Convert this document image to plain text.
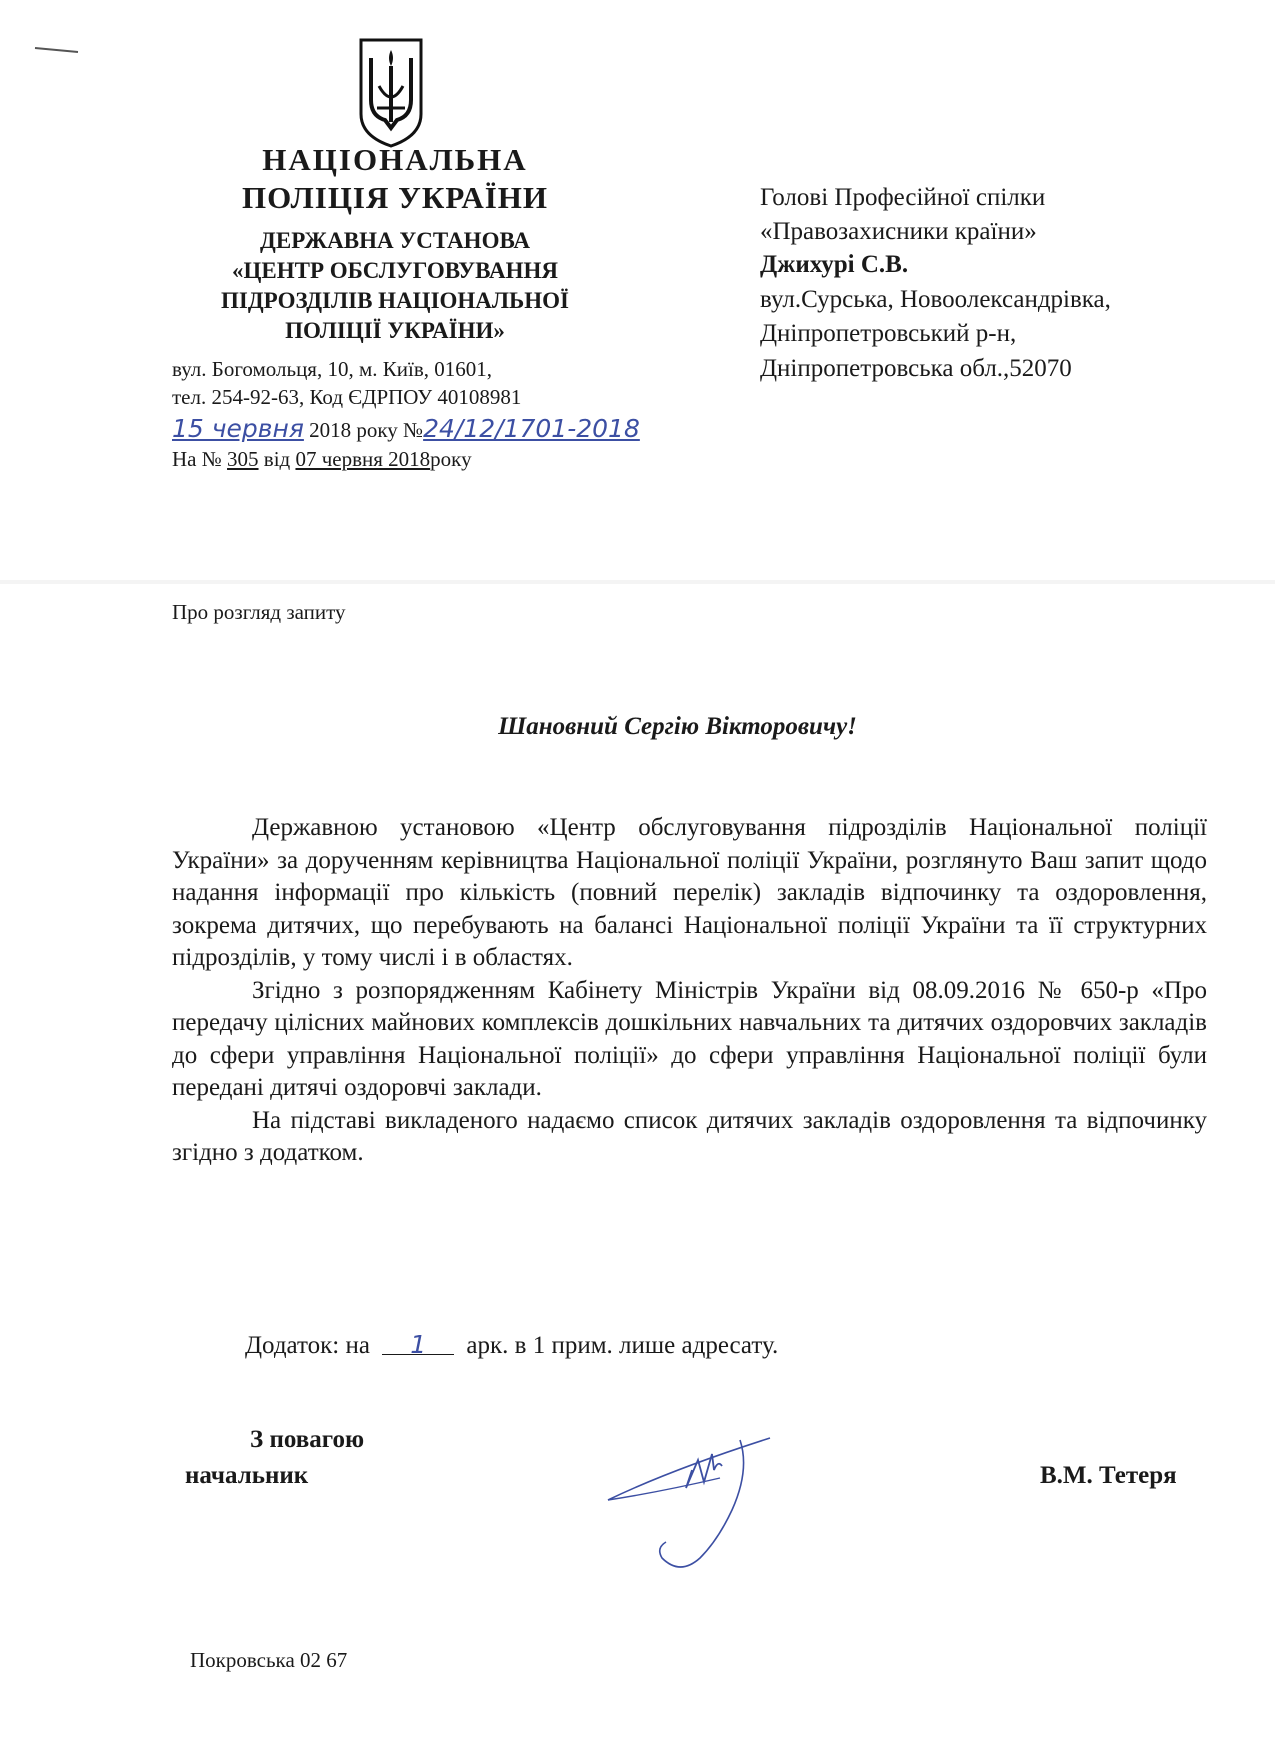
НАЦІОНАЛЬНА
ПОЛІЦІЯ УКРАЇНИ
ДЕРЖАВНА УСТАНОВА
«ЦЕНТР ОБСЛУГОВУВАННЯ
ПІДРОЗДІЛІВ НАЦІОНАЛЬНОЇ
ПОЛІЦІЇ УКРАЇНИ»
вул. Богомольця, 10, м. Київ, 01601,
тел. 254-92-63, Код ЄДРПОУ 40108981
15 червня 2018 року №24/12/1701-2018
На № 305 від 07 червня 2018року
Голові Професійної спілки
«Правозахисники країни»
Джихурі С.В.
вул.Сурська, Новоолександрівка,
Дніпропетровський р-н,
Дніпропетровська обл.,52070
Про розгляд запиту
Шановний Сергію Вікторовичу!

Державною установою «Центр обслуговування підрозділів Національної поліції України» за дорученням керівництва Національної поліції України, розглянуто Ваш запит щодо надання інформації про кількість (повний перелік) закладів відпочинку та оздоровлення, зокрема дитячих, що перебувають на балансі Національної поліції України та її структурних підрозділів, у тому числі і в областях.

Згідно з розпорядженням Кабінету Міністрів України від 08.09.2016 № 650-р «Про передачу цілісних майнових комплексів дошкільних навчальних та дитячих оздоровчих закладів до сфери управління Національної поліції» до сфери управління Національної поліції були передані дитячі оздоровчі заклади.

На підставі викладеного надаємо список дитячих закладів оздоровлення та відпочинку згідно з додатком.

Додаток: на 1 арк. в 1 прим. лише адресату.
З повагою
начальник	В.М. Тетеря
Покровська 02 67
